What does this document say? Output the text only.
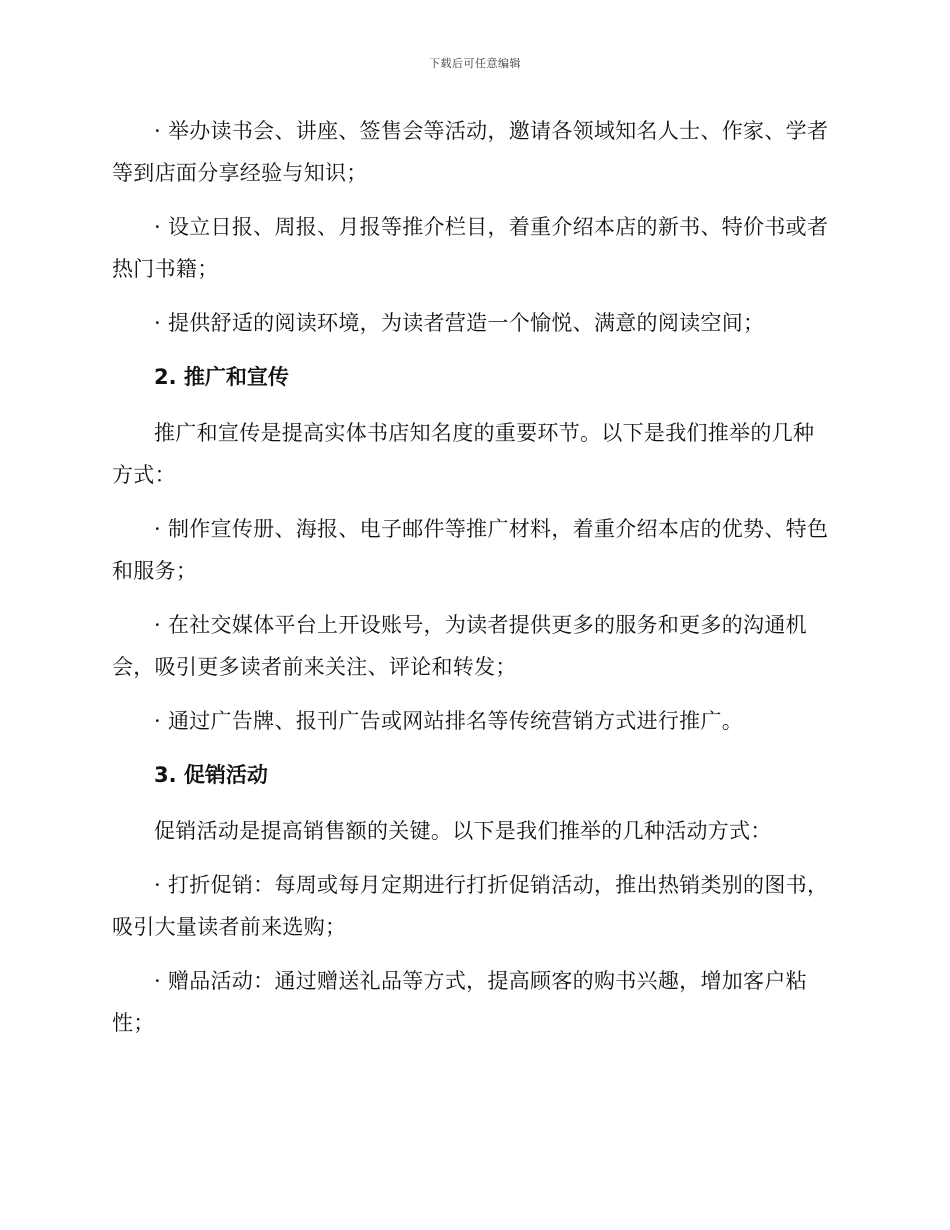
下载后可任意编辑

· 举办读书会、讲座、签售会等活动，邀请各领域知名人士、作家、学者等到店面分享经验与知识；

· 设立日报、周报、月报等推介栏目，着重介绍本店的新书、特价书或者热门书籍；

· 提供舒适的阅读环境，为读者营造一个愉悦、满意的阅读空间；

2. 推广和宣传

推广和宣传是提高实体书店知名度的重要环节。以下是我们推举的几种方式：

· 制作宣传册、海报、电子邮件等推广材料，着重介绍本店的优势、特色和服务；

· 在社交媒体平台上开设账号，为读者提供更多的服务和更多的沟通机会，吸引更多读者前来关注、评论和转发；

· 通过广告牌、报刊广告或网站排名等传统营销方式进行推广。

3. 促销活动

促销活动是提高销售额的关键。以下是我们推举的几种活动方式：

· 打折促销：每周或每月定期进行打折促销活动，推出热销类别的图书，吸引大量读者前来选购；

· 赠品活动：通过赠送礼品等方式，提高顾客的购书兴趣，增加客户粘性；
